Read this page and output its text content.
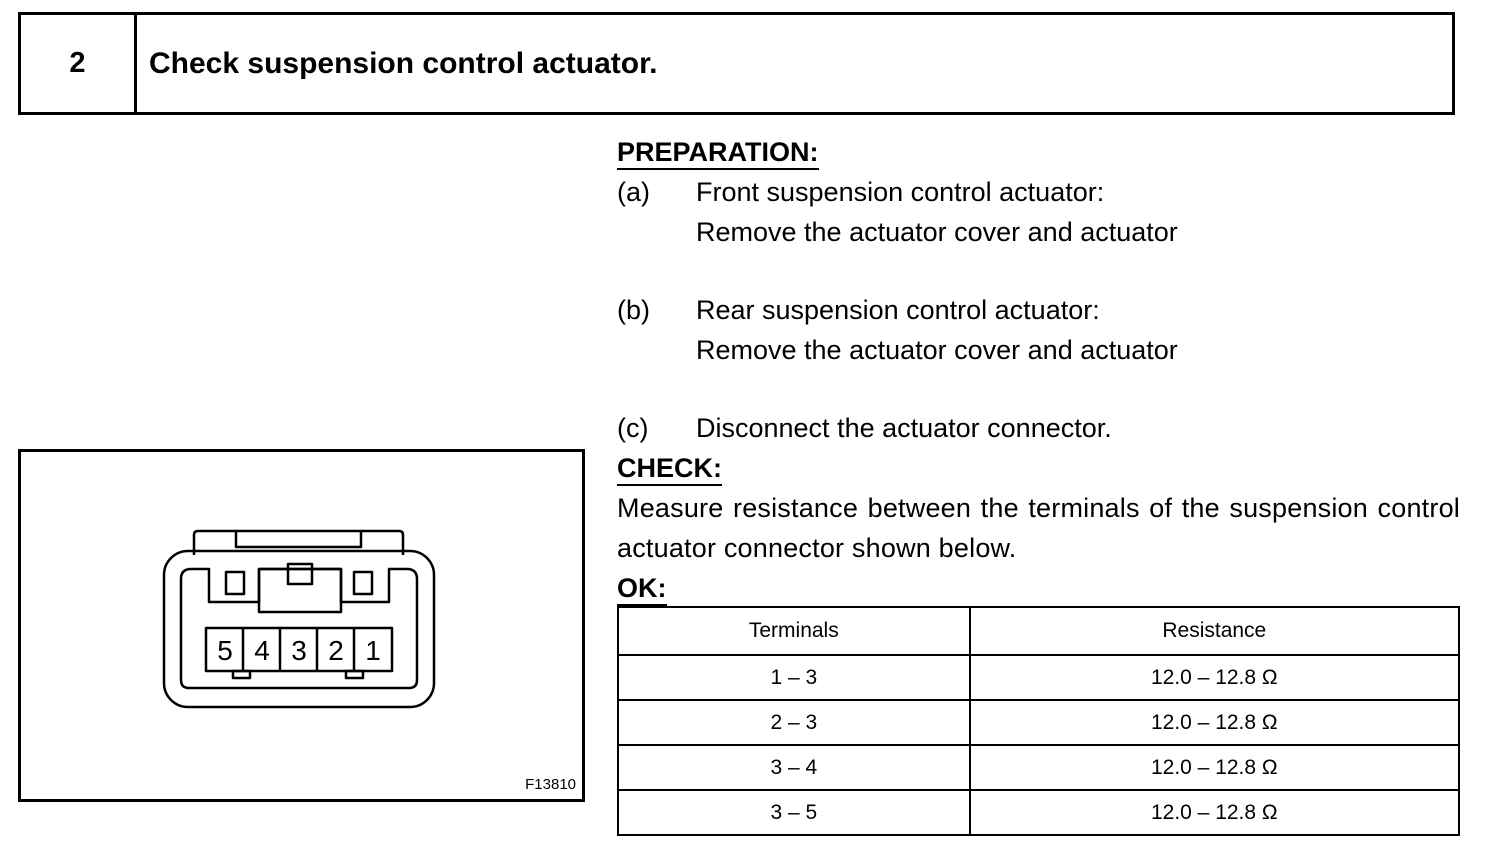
2	Check suspension control actuator.
PREPARATION:
(a)	Front suspension control actuator:
Remove the actuator cover and actuator
(b)	Rear suspension control actuator:
Remove the actuator cover and actuator
(c)	Disconnect the actuator connector.
CHECK:
Measure resistance between the terminals of the suspension control actuator connector shown below.
OK:
Terminals	Resistance
1 – 3	12.0 – 12.8 Ω
2 – 3	12.0 – 12.8 Ω
3 – 4	12.0 – 12.8 Ω
3 – 5	12.0 – 12.8 Ω
5 4 3 2 1
F13810
